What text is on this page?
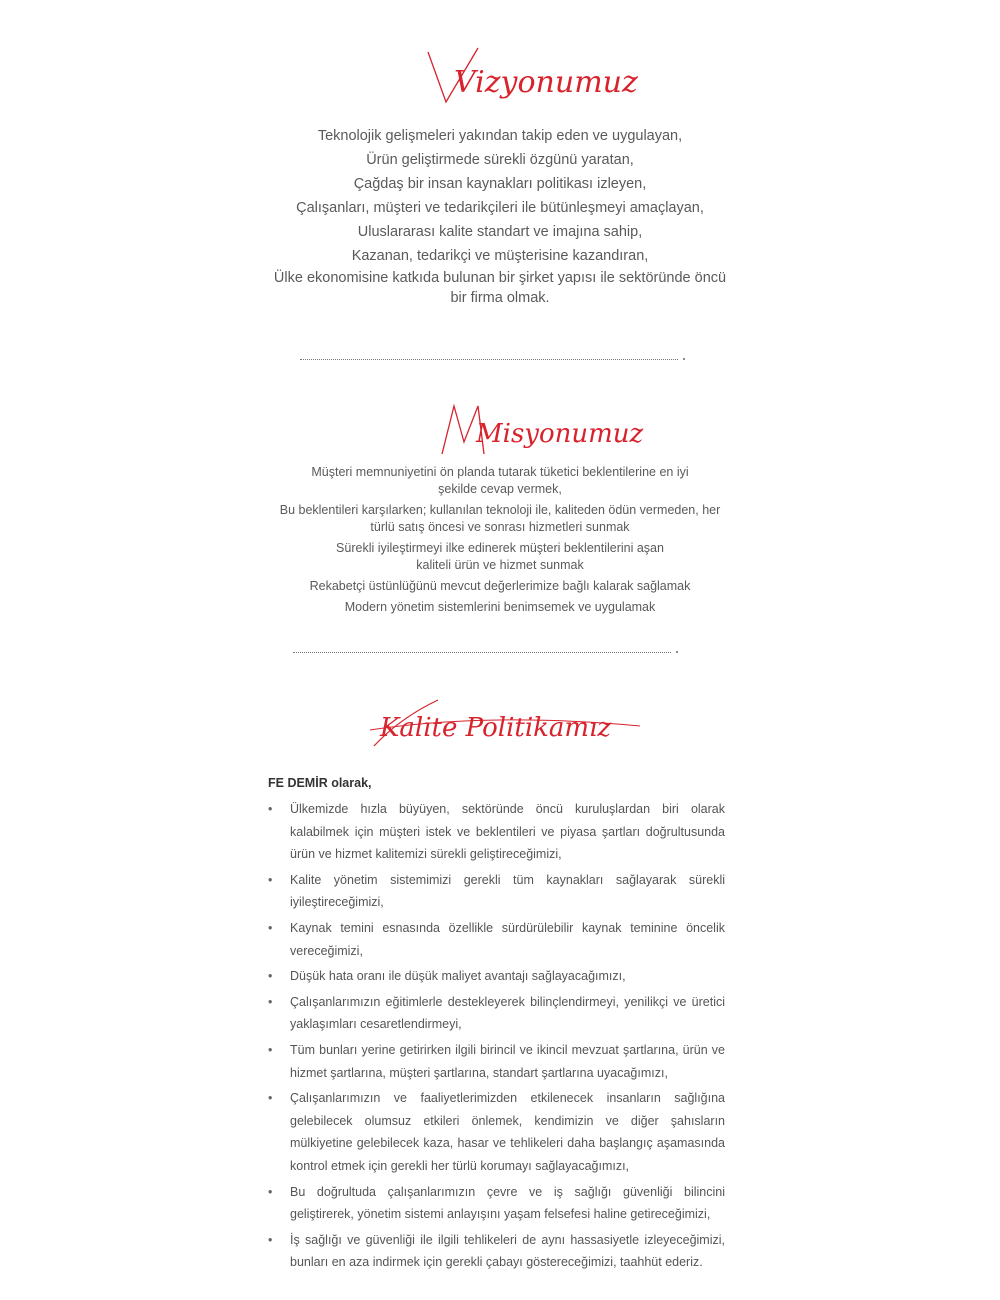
Vizyonumuz

Teknolojik gelişmeleri yakından takip eden ve uygulayan,

Ürün geliştirmede sürekli özgünü yaratan,

Çağdaş bir insan kaynakları politikası izleyen,

Çalışanları, müşteri ve tedarikçileri ile bütünleşmeyi amaçlayan,

Uluslararası kalite standart ve imajına sahip,

Kazanan, tedarikçi ve müşterisine kazandıran,

Ülke ekonomisine katkıda bulunan bir şirket yapısı ile sektöründe öncü bir firma olmak.

Misyonumuz

Müşteri memnuniyetini ön planda tutarak tüketici beklentilerine en iyi şekilde cevap vermek,

Bu beklentileri karşılarken; kullanılan teknoloji ile, kaliteden ödün vermeden, her türlü satış öncesi ve sonrası hizmetleri sunmak

Sürekli iyileştirmeyi ilke edinerek müşteri beklentilerini aşan kaliteli ürün ve hizmet sunmak

Rekabetçi üstünlüğünü mevcut değerlerimize bağlı kalarak sağlamak

Modern yönetim sistemlerini benimsemek ve uygulamak

Kalite Politikamız

FE DEMİR olarak,

• Ülkemizde hızla büyüyen, sektöründe öncü kuruluşlardan biri olarak kalabilmek için müşteri istek ve beklentileri ve piyasa şartları doğrultusunda ürün ve hizmet kalitemizi sürekli geliştireceğimizi,
• Kalite yönetim sistemimizi gerekli tüm kaynakları sağlayarak sürekli iyileştireceğimizi,
• Kaynak temini esnasında özellikle sürdürülebilir kaynak teminine öncelik vereceğimizi,
• Düşük hata oranı ile düşük maliyet avantajı sağlayacağımızı,
• Çalışanlarımızın eğitimlerle destekleyerek bilinçlendirmeyi, yenilikçi ve üretici yaklaşımları cesaretlendirmeyi,
• Tüm bunları yerine getirirken ilgili birincil ve ikincil mevzuat şartlarına, ürün ve hizmet şartlarına, müşteri şartlarına, standart şartlarına uyacağımızı,
• Çalışanlarımızın ve faaliyetlerimizden etkilenecek insanların sağlığına gelebilecek olumsuz etkileri önlemek, kendimizin ve diğer şahısların mülkiyetine gelebilecek kaza, hasar ve tehlikeleri daha başlangıç aşamasında kontrol etmek için gerekli her türlü korumayı sağlayacağımızı,
• Bu doğrultuda çalışanlarımızın çevre ve iş sağlığı güvenliği bilincini geliştirerek, yönetim sistemi anlayışını yaşam felsefesi haline getireceğimizi,
• İş sağlığı ve güvenliği ile ilgili tehlikeleri de aynı hassasiyetle izleyeceğimizi, bunları en aza indirmek için gerekli çabayı göstereceğimizi, taahhüt ederiz.
